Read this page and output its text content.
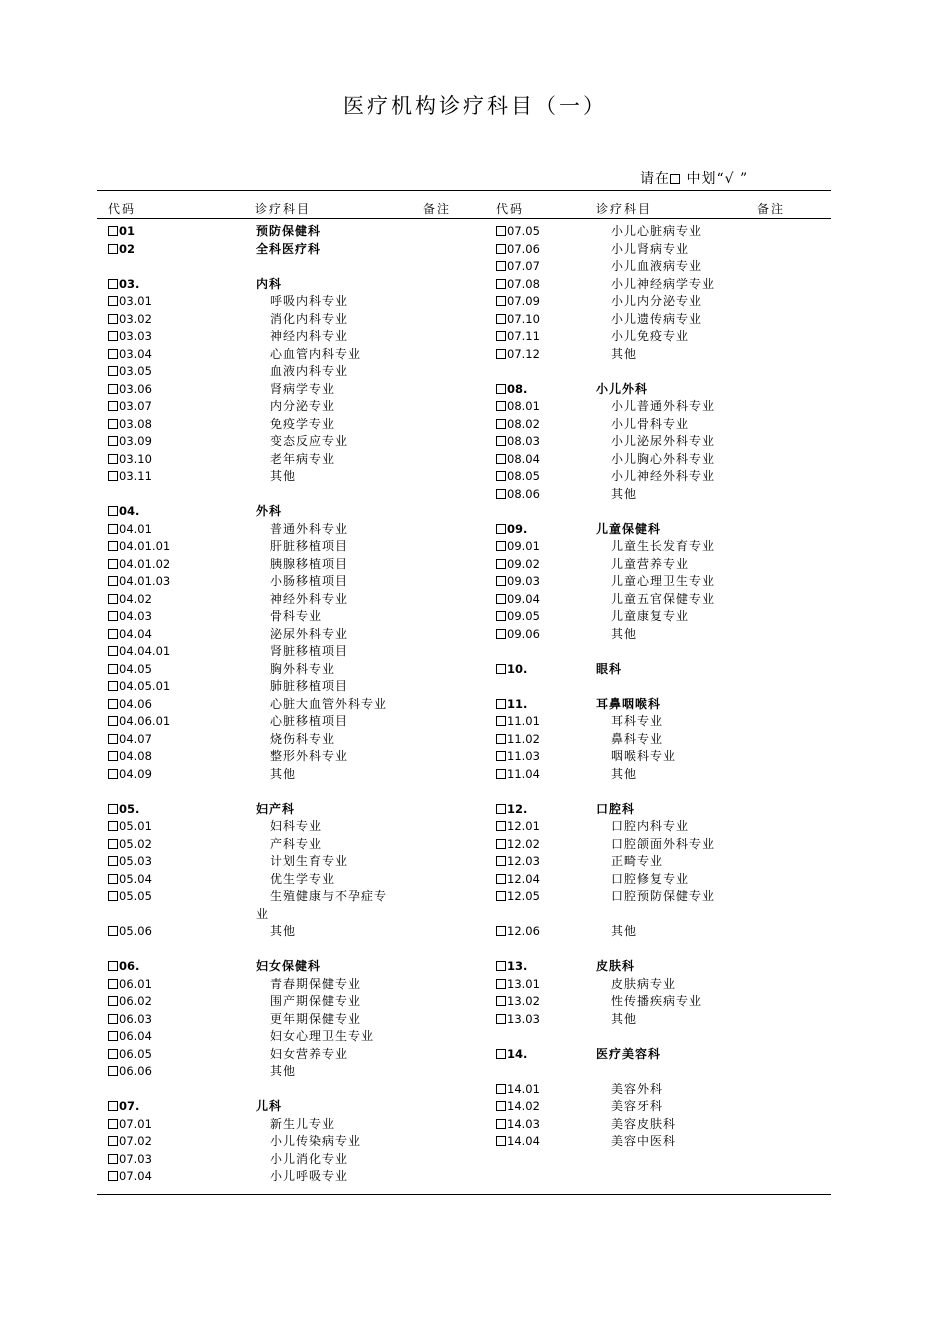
医疗机构诊疗科目（一）
请在 中划“√ ”
代码	诊疗科目	备注	代码	诊疗科目	备注
01	预防保健科
02	全科医疗科
03.	内科
03.01	呼吸内科专业
03.02	消化内科专业
03.03	神经内科专业
03.04	心血管内科专业
03.05	血液内科专业
03.06	肾病学专业
03.07	内分泌专业
03.08	免疫学专业
03.09	变态反应专业
03.10	老年病专业
03.11	其他
04.	外科
04.01	普通外科专业
04.01.01	肝脏移植项目
04.01.02	胰腺移植项目
04.01.03	小肠移植项目
04.02	神经外科专业
04.03	骨科专业
04.04	泌尿外科专业
04.04.01	肾脏移植项目
04.05	胸外科专业
04.05.01	肺脏移植项目
04.06	心脏大血管外科专业
04.06.01	心脏移植项目
04.07	烧伤科专业
04.08	整形外科专业
04.09	其他
05.	妇产科
05.01	妇科专业
05.02	产科专业
05.03	计划生育专业
05.04	优生学专业
05.05	生殖健康与不孕症专
业
05.06	其他
06.	妇女保健科
06.01	青春期保健专业
06.02	围产期保健专业
06.03	更年期保健专业
06.04	妇女心理卫生专业
06.05	妇女营养专业
06.06	其他
07.	儿科
07.01	新生儿专业
07.02	小儿传染病专业
07.03	小儿消化专业
07.04	小儿呼吸专业
07.05	小儿心脏病专业
07.06	小儿肾病专业
07.07	小儿血液病专业
07.08	小儿神经病学专业
07.09	小儿内分泌专业
07.10	小儿遗传病专业
07.11	小儿免疫专业
07.12	其他
08.	小儿外科
08.01	小儿普通外科专业
08.02	小儿骨科专业
08.03	小儿泌尿外科专业
08.04	小儿胸心外科专业
08.05	小儿神经外科专业
08.06	其他
09.	儿童保健科
09.01	儿童生长发育专业
09.02	儿童营养专业
09.03	儿童心理卫生专业
09.04	儿童五官保健专业
09.05	儿童康复专业
09.06	其他
10.	眼科
11.	耳鼻咽喉科
11.01	耳科专业
11.02	鼻科专业
11.03	咽喉科专业
11.04	其他
12.	口腔科
12.01	口腔内科专业
12.02	口腔颌面外科专业
12.03	正畸专业
12.04	口腔修复专业
12.05	口腔预防保健专业
12.06	其他
13.	皮肤科
13.01	皮肤病专业
13.02	性传播疾病专业
13.03	其他
14.	医疗美容科
14.01	美容外科
14.02	美容牙科
14.03	美容皮肤科
14.04	美容中医科
